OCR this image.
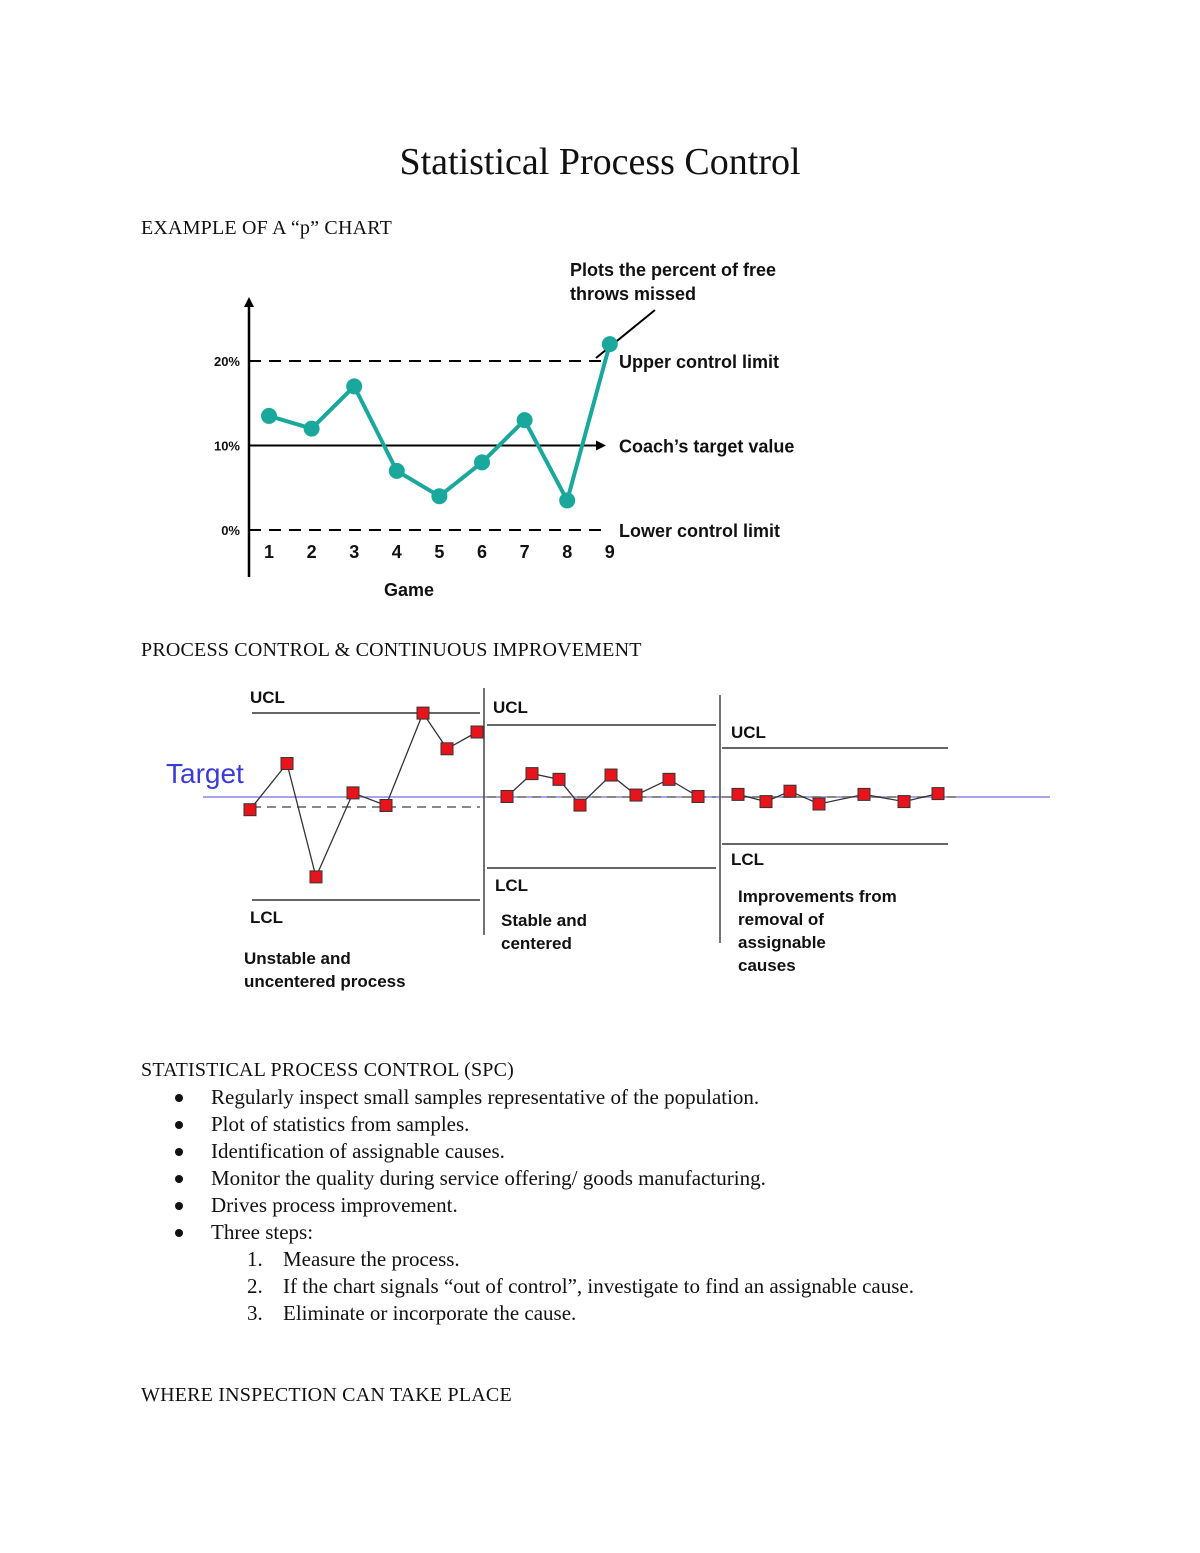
Statistical Process Control
EXAMPLE OF A “p” CHART
Upper control limit
Coach’s target value
Lower control limit
0%
10%
20%
1 2 3 4 5 6 7 8 9
Game
Plots the percent of free
throws missed
PROCESS CONTROL & CONTINUOUS IMPROVEMENT
Target
UCL
LCL
Unstable and
uncentered process
UCL
LCL
Stable and
centered
UCL
LCL
Improvements from
removal of
assignable
causes
STATISTICAL PROCESS CONTROL (SPC)
Regularly inspect small samples representative of the population.
Plot of statistics from samples.
Identification of assignable causes.
Monitor the quality during service offering/ goods manufacturing.
Drives process improvement.
Three steps:
1. Measure the process.
2. If the chart signals “out of control”, investigate to find an assignable cause.
3. Eliminate or incorporate the cause.
WHERE INSPECTION CAN TAKE PLACE
